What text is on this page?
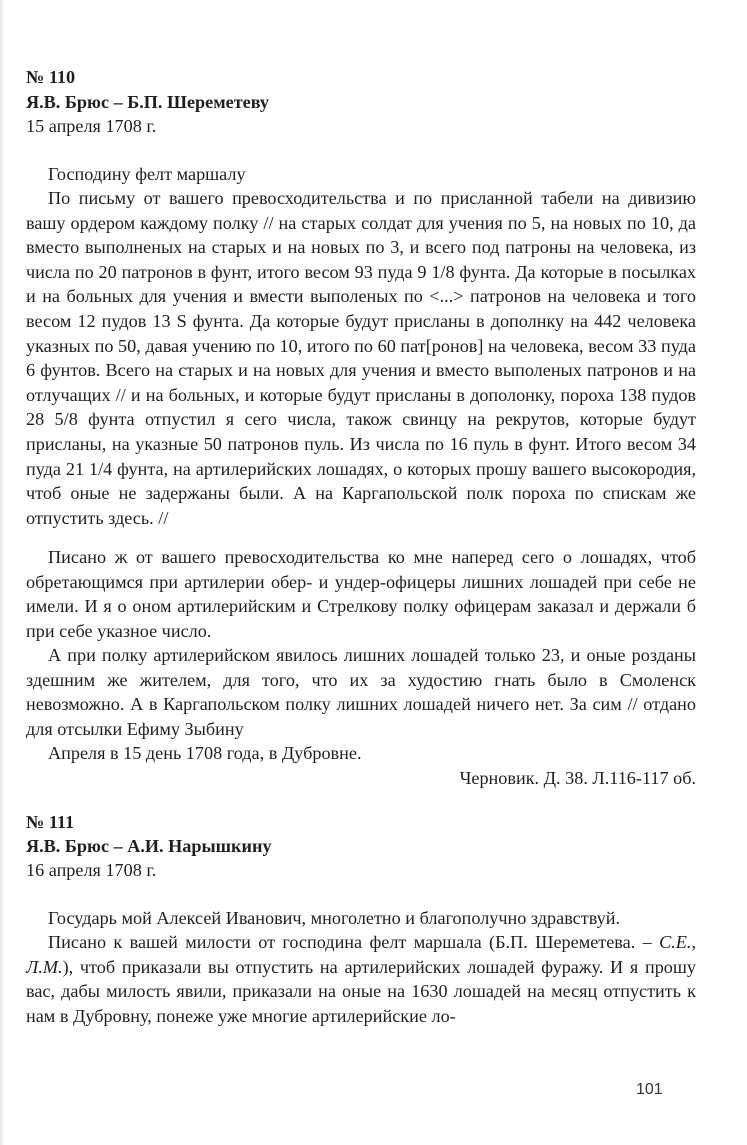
№ 110
Я.В. Брюс – Б.П. Шереметеву
15 апреля 1708 г.
Господину фелт маршалу
По письму от вашего превосходительства и по присланной табели на дивизию вашу ордером каждому полку // на старых солдат для учения по 5, на новых по 10, да вместо выполненых на старых и на новых по 3, и всего под патроны на человека, из числа по 20 патронов в фунт, итого весом 93 пуда 9 1/8 фунта. Да которые в посылках и на больных для учения и вмести выполеных по <...> патронов на человека и того весом 12 пудов 13 S фунта. Да которые будут присланы в дополнку на 442 человека указных по 50, давая учению по 10, итого по 60 пат[ронов] на человека, весом 33 пуда 6 фунтов. Всего на старых и на новых для учения и вместо выполеных патронов и на отлучащих // и на больных, и которые будут присланы в дополонку, пороха 138 пудов 28 5/8 фунта отпустил я сего числа, також свинцу на рекрутов, которые будут присланы, на указные 50 патронов пуль. Из числа по 16 пуль в фунт. Итого весом 34 пуда 21 1/4 фунта, на артилерийских лошадях, о которых прошу вашего высокородия, чтоб оные не задержаны были. А на Каргапольской полк пороха по спискам же отпустить здесь. //
Писано ж от вашего превосходительства ко мне напеpед сего о лошадях, чтоб обретающимся при артилерии обер- и ундер-офицеры лишних лошадей при себе не имели. И я о оном артилерийским и Стрелкову полку офицерам заказал и держали б при себе указное число.
А при полку артилерийском явилось лишних лошадей только 23, и оные розданы здешним же жителем, для того, что их за худостию гнать было в Смоленск невозможно. А в Каргапольском полку лишних лошадей ничего нет. За сим // отдано для отсылки Ефиму Зыбину
Апреля в 15 день 1708 года, в Дубровне.
Черновик. Д. 38. Л.116-117 об.
№ 111
Я.В. Брюс – А.И. Нарышкину
16 апреля 1708 г.
Государь мой Алексей Иванович, многолетно и благополучно здравствуй.
Писано к вашей милости от господина фелт маршала (Б.П. Шереметева. – С.Е., Л.М.), чтоб приказали вы отпустить на артилерийских лошадей фуражу. И я прошу вас, дабы милость явили, приказали на оные на 1630 лошадей на месяц отпустить к нам в Дубровну, понеже уже многие артилерийские ло-
101
